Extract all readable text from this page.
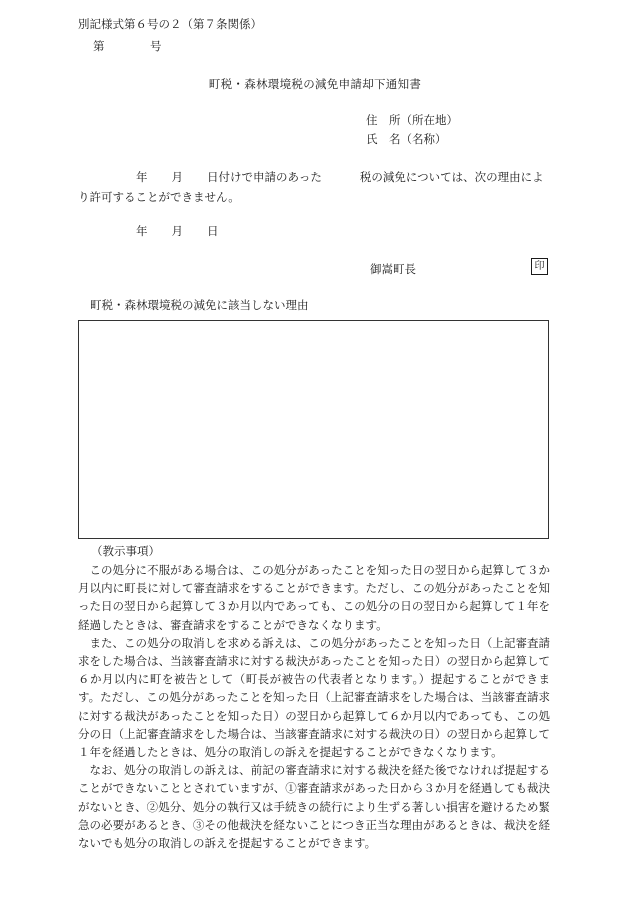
別記様式第６号の２（第７条関係）
第	号
町税・森林環境税の減免申請却下通知書
住　所（所在地）
氏　名（名称）
年 月 日付けで申請のあった	税の減免については、次の理由により許可することができません。
年 月 日
御嵩町長	印
町税・森林環境税の減免に該当しない理由
（教示事項）

この処分に不服がある場合は、この処分があったことを知った日の翌日から起算して３か月以内に町長に対して審査請求をすることができます。ただし、この処分があったことを知った日の翌日から起算して３か月以内であっても、この処分の日の翌日から起算して１年を経過したときは、審査請求をすることができなくなります。

また、この処分の取消しを求める訴えは、この処分があったことを知った日（上記審査請求をした場合は、当該審査請求に対する裁決があったことを知った日）の翌日から起算して６か月以内に町を被告として（町長が被告の代表者となります。）提起することができます。ただし、この処分があったことを知った日（上記審査請求をした場合は、当該審査請求に対する裁決があったことを知った日）の翌日から起算して６か月以内であっても、この処分の日（上記審査請求をした場合は、当該審査請求に対する裁決の日）の翌日から起算して１年を経過したときは、処分の取消しの訴えを提起することができなくなります。

なお、処分の取消しの訴えは、前記の審査請求に対する裁決を経た後でなければ提起することができないこととされていますが、①審査請求があった日から３か月を経過しても裁決がないとき、②処分、処分の執行又は手続きの続行により生ずる著しい損害を避けるため緊急の必要があるとき、③その他裁決を経ないことにつき正当な理由があるときは、裁決を経ないでも処分の取消しの訴えを提起することができます。
